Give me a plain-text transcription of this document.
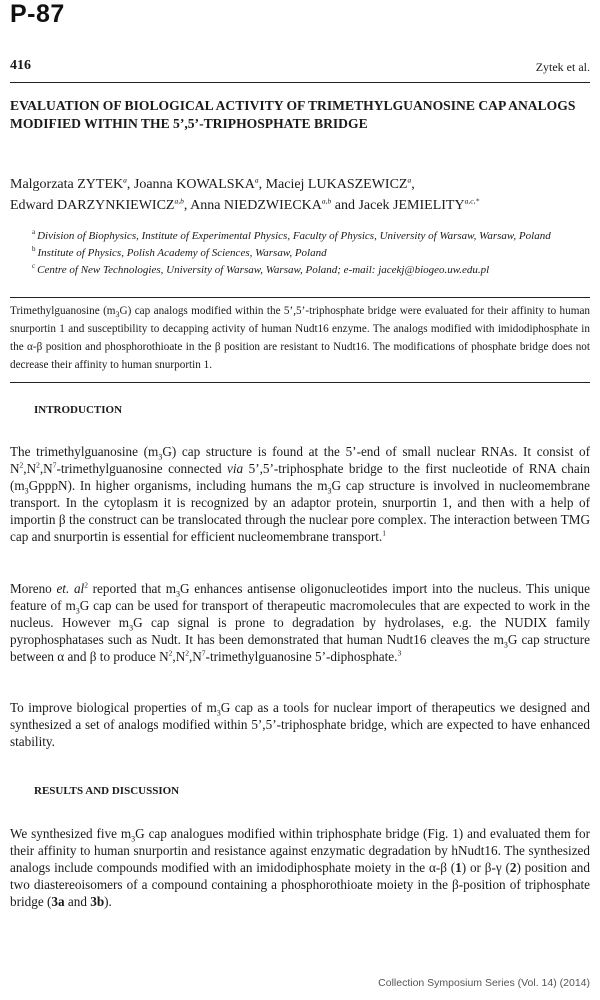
P-87
416	Zytek et al.
EVALUATION OF BIOLOGICAL ACTIVITY OF TRIMETHYLGUANOSINE CAP ANALOGS MODIFIED WITHIN THE 5’,5’-TRIPHOSPHATE BRIDGE
Malgorzata ZYTEK$^a$, Joanna KOWALSKA$^a$, Maciej LUKASZEWICZ$^a$,
Edward DARZYNKIEWICZ$^{a,b}$, Anna NIEDZWIECKA$^{a,b}$ and Jacek $JEMIELITY^{a,c,*}$
$^a$ Division of Biophysics, Institute of Experimental Physics, Faculty of Physics, University of Warsaw, Warsaw, Poland
$^b$ Institute of Physics, Polish Academy of Sciences, Warsaw, Poland
$^c$ Centre of New Technologies, University of Warsaw, Warsaw, Poland; e-mail: jacekj@biogeo.uw.edu.pl
Trimethylguanosine $(m_3G)$ cap analogs modified within the 5’,5’-triphosphate bridge were evaluated for their affinity to human snurportin 1 and susceptibility to decapping activity of human Nudt16 enzyme. The analogs modified with imidodiphosphate in the α-β position and phosphorothioate in the β position are resistant to Nudt16. The modifications of phosphate bridge does not decrease their affinity to human snurportin 1.
INTRODUCTION

The trimethylguanosine $(m_3G)$ cap structure is found at the 5’-end of small nuclear RNAs. It consist of $N^2,N^2,N^7$-trimethylguanosine connected via 5’,5’-triphosphate bridge to the first nucleotide of RNA chain $(m_3GpppN)$. In higher organisms, including humans the $m_3G$ cap structure is involved in nucleomembrane transport. In the cytoplasm it is recognized by an adaptor protein, snurportin 1, and then with a help of importin β the construct can be translocated through the nuclear pore complex. The interaction between TMG cap and snurportin is essential for efficient nucleomembrane transport.$^1$

Moreno et. $al^2$ reported that $m_3G$ enhances antisense oligonucleotides import into the nucleus. This unique feature of $m_3G$ cap can be used for transport of therapeutic macromolecules that are expected to work in the nucleus. However $m_3G$ cap signal is prone to degradation by hydrolases, e.g. the NUDIX family pyrophosphatases such as Nudt. It has been demonstrated that human Nudt16 cleaves the $m_3G$ cap structure between α and β to produce $N^2,N^2,N^7$-trimethylguanosine 5’-diphosphate.$^3$

To improve biological properties of $m_3G$ cap as a tools for nuclear import of therapeutics we designed and synthesized a set of analogs modified within 5’,5’-triphosphate bridge, which are expected to have enhanced stability.

RESULTS AND DISCUSSION

We synthesized five $m_3G$ cap analogues modified within triphosphate bridge (Fig. 1) and evaluated them for their affinity to human snurportin and resistance against enzymatic degradation by hNudt16. The synthesized analogs include compounds modified with an imidodiphosphate moiety in the α-β (1) or β-γ (2) position and two diastereoisomers of a compound containing a phosphorothioate moiety in the β-position of triphosphate bridge (3a and 3b).

Collection Symposium Series (Vol. 14) (2014)
